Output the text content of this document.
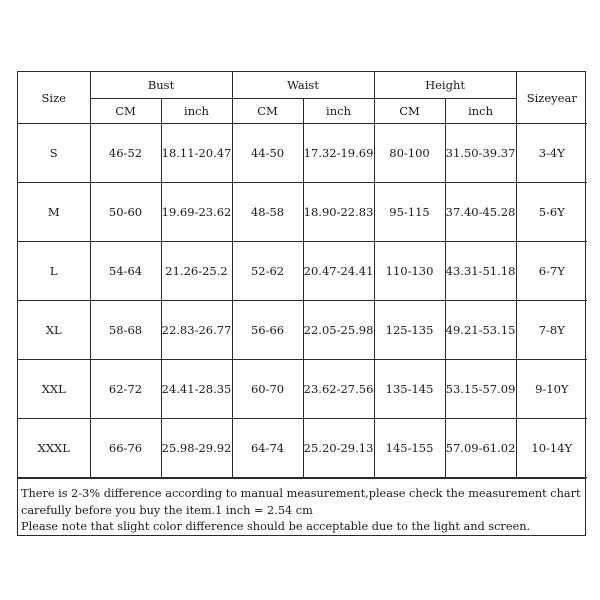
Size	Bust		Waist		Height		Sizeyear
	CM	inch	CM	inch	CM	inch	
S	46-52	18.11-20.47	44-50	17.32-19.69	80-100	31.50-39.37	3-4Y
M	50-60	19.69-23.62	48-58	18.90-22.83	95-115	37.40-45.28	5-6Y
L	54-64	21.26-25.2	52-62	20.47-24.41	110-130	43.31-51.18	6-7Y
XL	58-68	22.83-26.77	56-66	22.05-25.98	125-135	49.21-53.15	7-8Y
XXL	62-72	24.41-28.35	60-70	23.62-27.56	135-145	53.15-57.09	9-10Y
XXXL	66-76	25.98-29.92	64-74	25.20-29.13	145-155	57.09-61.02	10-14Y
There is 2-3% difference according to manual measurement,please check the measurement chart
carefully before you buy the item.1 inch = 2.54 cm
Please note that slight color difference should be acceptable due to the light and screen.
